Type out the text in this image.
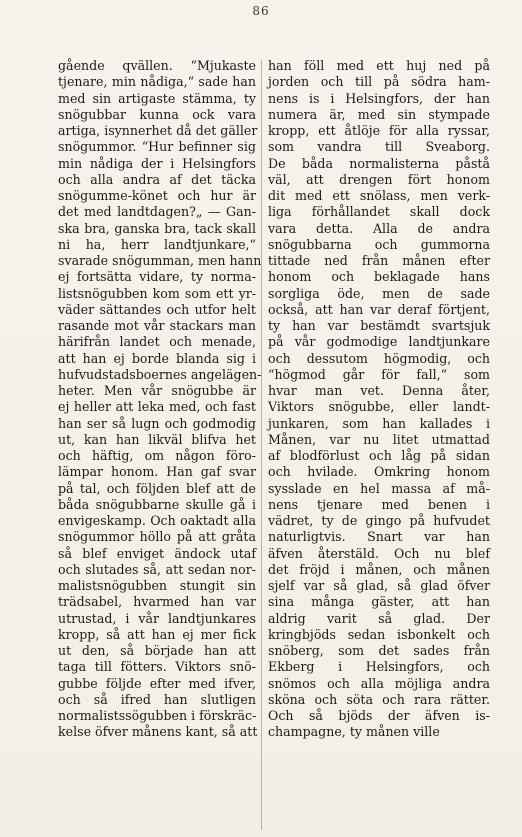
86
gående qvällen. “Mjukaste
tjenare, min nådiga,“ sade han
med sin artigaste stämma, ty
snögubbar kunna ock vara
artiga, isynnerhet då det gäller
snögummor. “Hur befinner sig
min nådiga der i Helsingfors
och alla andra af det täcka
snögumme-könet och hur är
det med landtdagen?„ — Gan-
ska bra, ganska bra, tack skall
ni ha, herr landtjunkare,“
svarade snögumman, men hann
ej fortsätta vidare, ty norma-
listsnögubben kom som ett yr-
väder sättandes och utfor helt
rasande mot vår stackars man
härifrån landet och menade,
att han ej borde blanda sig i
hufvudstadsboernes angelägen-
heter. Men vår snögubbe är
ej heller att leka med, och fast
han ser så lugn och godmodig
ut, kan han likväl blifva het
och häftig, om någon föro-
lämpar honom. Han gaf svar
på tal, och följden blef att de
båda snögubbarne skulle gå i
envigeskamp. Och oaktadt alla
snögummor höllo på att gråta
så blef enviget ändock utaf
och slutades så, att sedan nor-
malistsnögubben stungit sin
trädsabel, hvarmed han var
utrustad, i vår landtjunkares
kropp, så att han ej mer fick
ut den, så började han att
taga till fötters. Viktors snö-
gubbe följde efter med ifver,
och så ifred han slutligen
normalistssögubben i förskräc-
kelse öfver månens kant, så att
han föll med ett huj ned på
jorden och till på södra ham-
nens is i Helsingfors, der han
numera är, med sin stympade
kropp, ett åtlöje för alla ryssar,
som vandra till Sveaborg.
De båda normalisterna påstå
väl, att drengen fört honom
dit med ett snölass, men verk-
liga förhållandet skall dock
vara detta. Alla de andra
snögubbarna och gummorna
tittade ned från månen efter
honom och beklagade hans
sorgliga öde, men de sade
också, att han var deraf förtjent,
ty han var bestämdt svartsjuk
på vår godmodige landtjunkare
och dessutom högmodig, och
“högmod går för fall,“ som
hvar man vet. Denna åter,
Viktors snögubbe, eller landt-
junkaren, som han kallades i
Månen, var nu litet utmattad
af blodförlust och låg på sidan
och hvilade. Omkring honom
sysslade en hel massa af må-
nens tjenare med benen i
vädret, ty de gingo på hufvudet
naturligtvis. Snart var han
äfven återstäld. Och nu blef
det fröjd i månen, och månen
sjelf var så glad, så glad öfver
sina många gäster, att han
aldrig varit så glad. Der
kringbjöds sedan isbonkelt och
snöberg, som det sades från
Ekberg i Helsingfors, och
snömos och alla möjliga andra
sköna och söta och rara rätter.
Och så bjöds der äfven is-
champagne, ty månen ville
